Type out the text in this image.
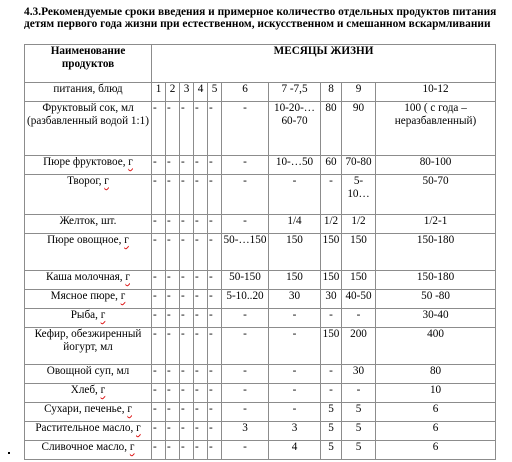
4.3.Рекомендуемые сроки введения и примерное количество отдельных продуктов питания детям первого года жизни при естественном, искусственном и смешанном вскармливании
Наименование продуктов	МЕСЯЦЫ ЖИЗНИ									
питания, блюд	1	2	3	4	5	6	7 -7,5	8	9	10-12
Фруктовый сок, мл (разбавленный водой 1:1)	-	-	-	-	-	-	10-20-…60-70	80	90	100 ( с года – неразбавленный)
Пюре фруктовое, г	-	-	-	-	-	-	10-…50	60	70-80	80-100
Творог, г	-	-	-	-	-	-	-	-	5-10…	50-70
Желток, шт.	-	-	-	-	-	-	1/4	1/2	1/2	1/2-1
Пюре овощное, г	-	-	-	-	-	50-…150	150	150	150	150-180
Каша молочная, г	-	-	-	-	-	50-150	150	150	150	150-180
Мясное пюре, г	-	-	-	-	-	5-10..20	30	30	40-50	50 -80
Рыба, г	-	-	-	-	-	-	-	-	-	30-40
Кефир, обезжиренный йогурт, мл	-	-	-	-	-	-	-	150	200	400
Овощной суп, мл	-	-	-	-	-	-	-	-	30	80
Хлеб, г	-	-	-	-	-	-	-	-	-	10
Сухари, печенье, г	-	-	-	-	-	-	-	5	5	6
Растительное масло, г	-	-	-	-	-	3	3	5	5	6
Сливочное масло, г	-	-	-	-	-	-	4	5	5	6
